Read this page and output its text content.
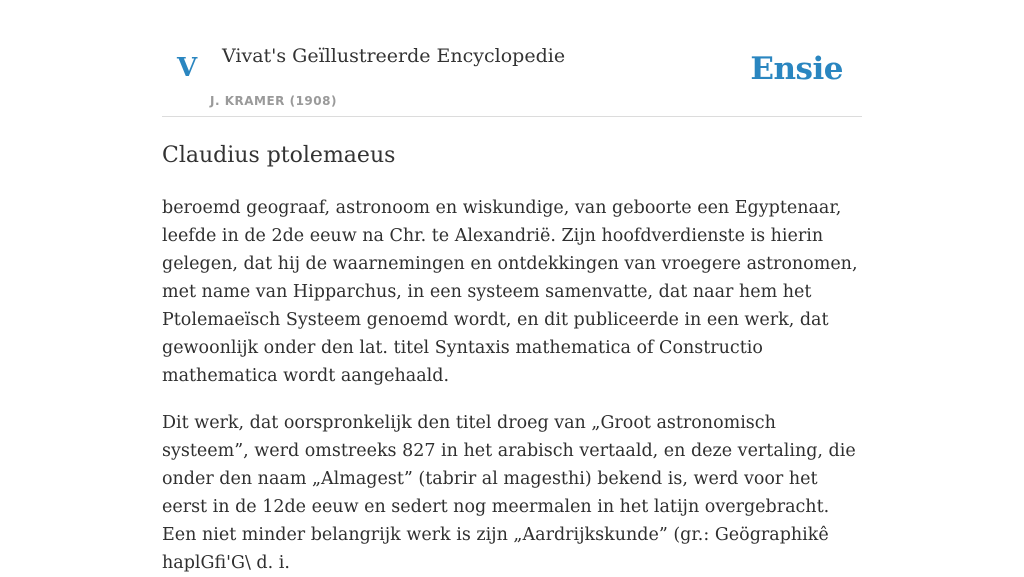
V Vivat's Geïllustreerde Encyclopedie
J. KRAMER (1908)
Ensie
Claudius ptolemaeus

beroemd geograaf, astronoom en wiskundige, van geboorte een Egyptenaar, leefde in de 2de eeuw na Chr. te Alexandrië. Zijn hoofdverdienste is hierin gelegen, dat hij de waarnemingen en ontdekkingen van vroegere astronomen, met name van Hipparchus, in een systeem samenvatte, dat naar hem het Ptolemaeïsch Systeem genoemd wordt, en dit publiceerde in een werk, dat gewoonlijk onder den lat. titel Syntaxis mathematica of Constructio mathematica wordt aangehaald.

Dit werk, dat oorspronkelijk den titel droeg van „Groot astronomisch systeem”, werd omstreeks 827 in het arabisch vertaald, en deze vertaling, die onder den naam „Almagest” (tabrir al magesthi) bekend is, werd voor het eerst in de 12de eeuw en sedert nog meermalen in het latijn overgebracht. Een niet minder belangrijk werk is zijn „Aardrijkskunde” (gr.: Geögraphikê haplGfi'G\ d. i.
